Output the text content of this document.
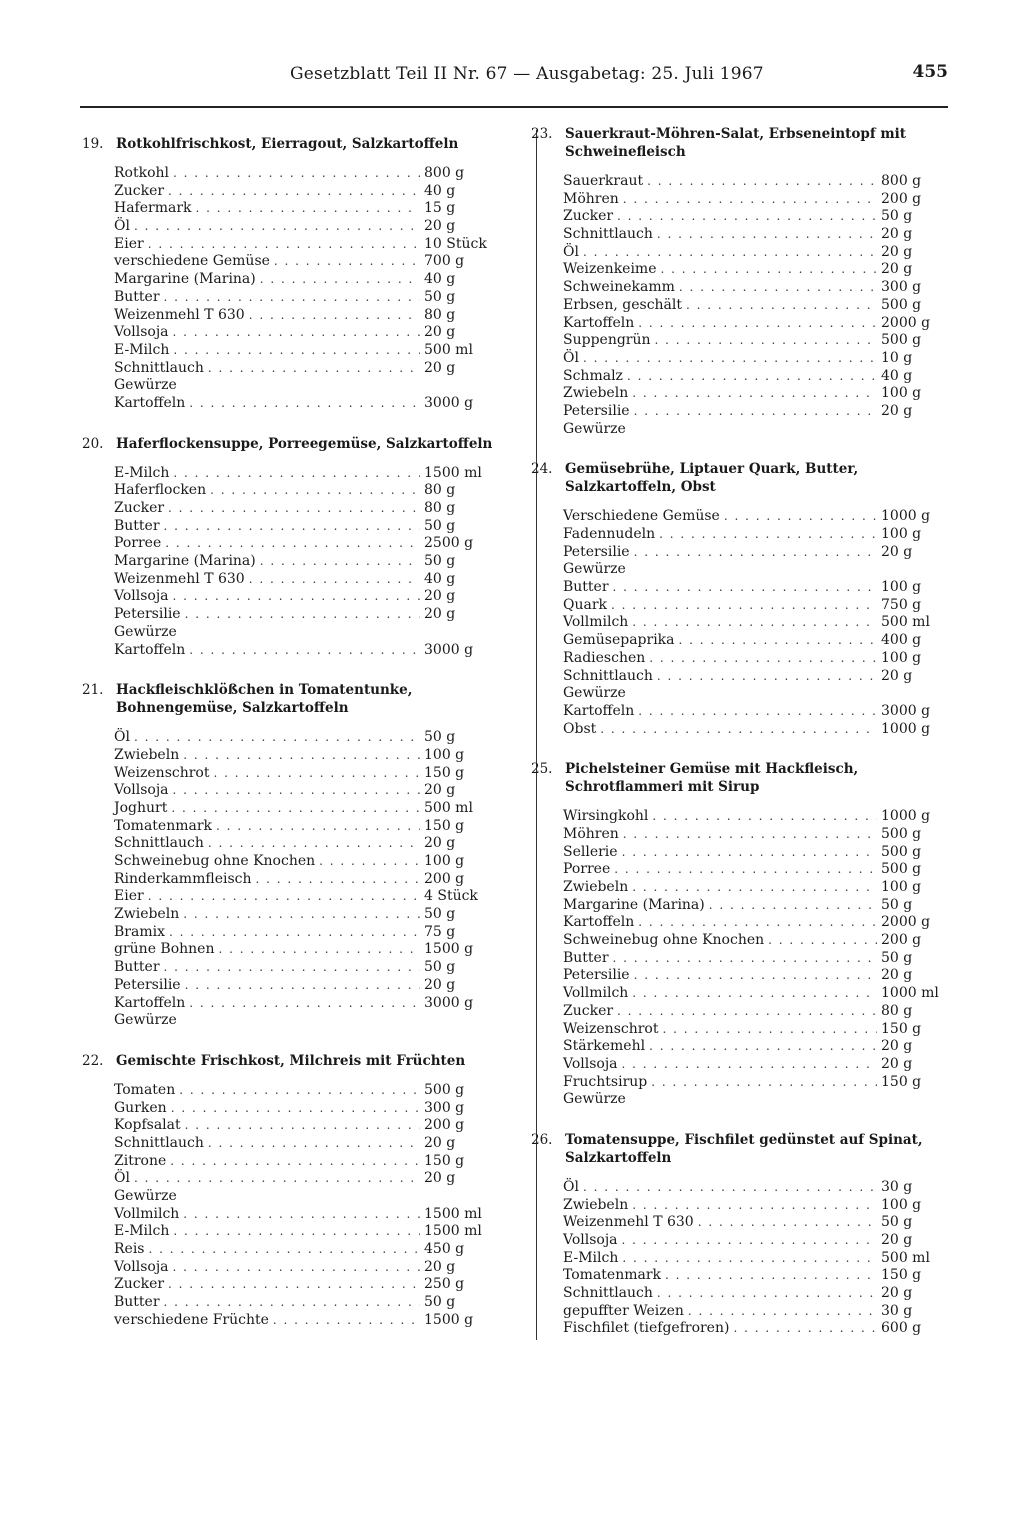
Gesetzblatt Teil II Nr. 67 — Ausgabetag: 25. Juli 1967	455
19. Rotkohlfrischkost, Eierragout, Salzkartoffeln
Rotkohl . . .	800 g
Zucker . . .	40 g
Hafermark . . .	15 g
Öl . . .	20 g
Eier . . .	10 Stück
verschiedene Gemüse . . .	700 g
Margarine (Marina) . . .	40 g
Butter . . .	50 g
Weizenmehl T 630 . . .	80 g
Vollsoja . . .	20 g
E-Milch . . .	500 ml
Schnittlauch . . .	20 g
Gewürze
Kartoffeln . . .	3000 g
20. Haferflockensuppe, Porreegemüse, Salzkartoffeln
E-Milch . . .	1500 ml
Haferflocken . . .	80 g
Zucker . . .	80 g
Butter . . .	50 g
Porree . . .	2500 g
Margarine (Marina) . . .	50 g
Weizenmehl T 630 . . .	40 g
Vollsoja . . .	20 g
Petersilie . . .	20 g
Gewürze
Kartoffeln . . .	3000 g
21. Hackfleischklößchen in Tomatentunke, Bohnengemüse, Salzkartoffeln
Öl . . .	50 g
Zwiebeln . . .	100 g
Weizenschrot . . .	150 g
Vollsoja . . .	20 g
Joghurt . . .	500 ml
Tomatenmark . . .	150 g
Schnittlauch . . .	20 g
Schweinebug ohne Knochen . . .	100 g
Rinderkammfleisch . . .	200 g
Eier . . .	4 Stück
Zwiebeln . . .	50 g
Bramix . . .	75 g
grüne Bohnen . . .	1500 g
Butter . . .	50 g
Petersilie . . .	20 g
Kartoffeln . . .	3000 g
Gewürze
22. Gemischte Frischkost, Milchreis mit Früchten
Tomaten . . .	500 g
Gurken . . .	300 g
Kopfsalat . . .	200 g
Schnittlauch . . .	20 g
Zitrone . . .	150 g
Öl . . .	20 g
Gewürze
Vollmilch . . .	1500 ml
E-Milch . . .	1500 ml
Reis . . .	450 g
Vollsoja . . .	20 g
Zucker . . .	250 g
Butter . . .	50 g
verschiedene Früchte . . .	1500 g
23. Sauerkraut-Möhren-Salat, Erbseneintopf mit Schweinefleisch
Sauerkraut . . .	800 g
Möhren . . .	200 g
Zucker . . .	50 g
Schnittlauch . . .	20 g
Öl . . .	20 g
Weizenkeime . . .	20 g
Schweinekamm . . .	300 g
Erbsen, geschält . . .	500 g
Kartoffeln . . .	2000 g
Suppengrün . . .	500 g
Öl . . .	10 g
Schmalz . . .	40 g
Zwiebeln . . .	100 g
Petersilie . . .	20 g
Gewürze
24. Gemüsebrühe, Liptauer Quark, Butter, Salzkartoffeln, Obst
Verschiedene Gemüse . . .	1000 g
Fadennudeln . . .	100 g
Petersilie . . .	20 g
Gewürze
Butter . . .	100 g
Quark . . .	750 g
Vollmilch . . .	500 ml
Gemüsepaprika . . .	400 g
Radieschen . . .	100 g
Schnittlauch . . .	20 g
Gewürze
Kartoffeln . . .	3000 g
Obst . . .	1000 g
25. Pichelsteiner Gemüse mit Hackfleisch, Schrotflammeri mit Sirup
Wirsingkohl . . .	1000 g
Möhren . . .	500 g
Sellerie . . .	500 g
Porree . . .	500 g
Zwiebeln . . .	100 g
Margarine (Marina) . . .	50 g
Kartoffeln . . .	2000 g
Schweinebug ohne Knochen . . .	200 g
Butter . . .	50 g
Petersilie . . .	20 g
Vollmilch . . .	1000 ml
Zucker . . .	80 g
Weizenschrot . . .	150 g
Stärkemehl . . .	20 g
Vollsoja . . .	20 g
Fruchtsirup . . .	150 g
Gewürze
26. Tomatensuppe, Fischfilet gedünstet auf Spinat, Salzkartoffeln
Öl . . .	30 g
Zwiebeln . . .	100 g
Weizenmehl T 630 . . .	50 g
Vollsoja . . .	20 g
E-Milch . . .	500 ml
Tomatenmark . . .	150 g
Schnittlauch . . .	20 g
gepuffter Weizen . . .	30 g
Fischfilet (tiefgefroren) . . .	600 g
